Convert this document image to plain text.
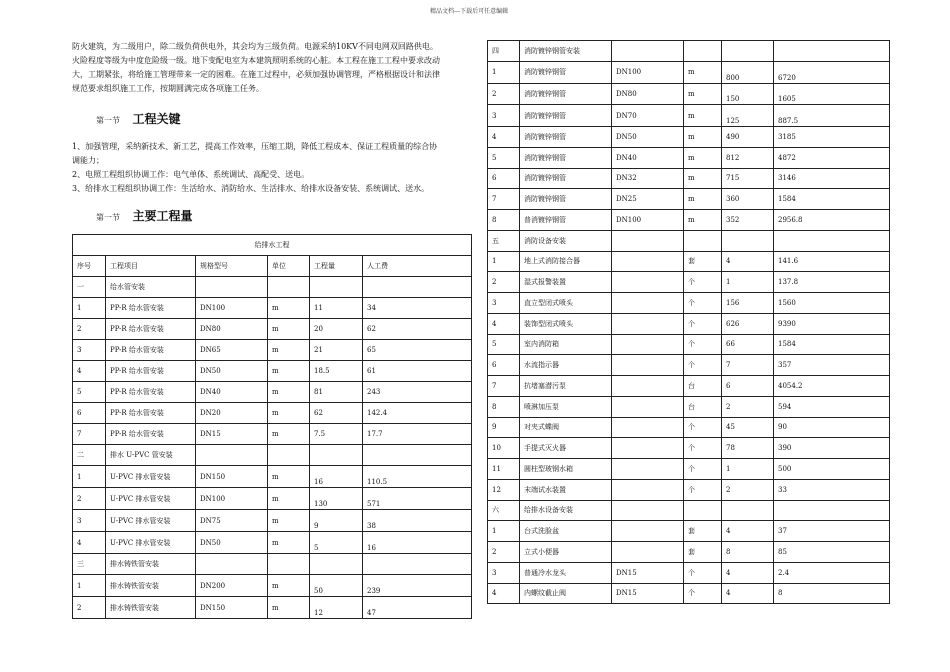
精品文档---下载后可任意编辑

防火建筑，为二级用户，除二级负荷供电外，其会均为三级负荷。电源采纳10KV不同电网双回路供电。

火险程度等级为中度危险级一级。地下变配电室为本建筑照明系统的心脏。本工程在施工工程中要求改动

大，工期紧张，将给施工管理带来一定的困难。在施工过程中，必须加强协调管理，严格根据设计和法律

规范要求组织施工工作，按期圆满完成各项施工任务。

第一节 工程关键

1、加强管理，采纳新技术、新工艺，提高工作效率，压缩工期，降低工程成本、保证工程质量的综合协

调能力；

2、电照工程组织协调工作：电气单体、系统调试、高配受、送电。

3、给排水工程组织协调工作：生活给水、消防给水、生活排水、给排水设备安装、系统调试、送水。

第一节 主要工程量
给排水工程					
序号	工程项目	规格型号	单位	工程量	人工费
一	给水管安装				
1	PP-R 给水管安装	DN100	m	11	34
2	PP-R 给水管安装	DN80	m	20	62
3	PP-R 给水管安装	DN65	m	21	65
4	PP-R 给水管安装	DN50	m	18.5	61
5	PP-R 给水管安装	DN40	m	81	243
6	PP-R 给水管安装	DN20	m	62	142.4
7	PP-R 给水管安装	DN15	m	7.5	17.7
二	排水 U-PVC 管安装				
1	U-PVC 排水管安装	DN150	m	16	110.5
2	U-PVC 排水管安装	DN100	m	130	571
3	U-PVC 排水管安装	DN75	m	9	38
4	U-PVC 排水管安装	DN50	m	5	16
三	排水铸铁管安装				
1	排水铸铁管安装	DN200	m	50	239
2	排水铸铁管安装	DN150	m	12	47
四	消防镀锌钢管安装				
1	消防镀锌钢管	DN100	m	800	6720
2	消防镀锌钢管	DN80	m	150	1605
3	消防镀锌钢管	DN70	m	125	887.5
4	消防镀锌钢管	DN50	m	490	3185
5	消防镀锌钢管	DN40	m	812	4872
6	消防镀锌钢管	DN32	m	715	3146
7	消防镀锌钢管	DN25	m	360	1584
8	普消镀锌钢管	DN100	m	352	2956.8
五	消防设备安装				
1	地上式消防接合器		套	4	141.6
2	湿式报警装置		个	1	137.8
3	直立型闭式喷头		个	156	1560
4	装饰型闭式喷头		个	626	9390
5	室内消防箱		个	66	1584
6	水流指示器		个	7	357
7	抗堵塞潜污泵		台	6	4054.2
8	喷淋加压泵		台	2	594
9	对夹式蝶阀		个	45	90
10	手提式灭火器		个	78	390
11	圆柱型玻钢水箱		个	1	500
12	末端试水装置		个	2	33
六	给排水设备安装				
1	台式洗脸盆		套	4	37
2	立式小便器		套	8	85
3	普通冷水龙头	DN15	个	4	2.4
4	内螺纹截止阀	DN15	个	4	8
